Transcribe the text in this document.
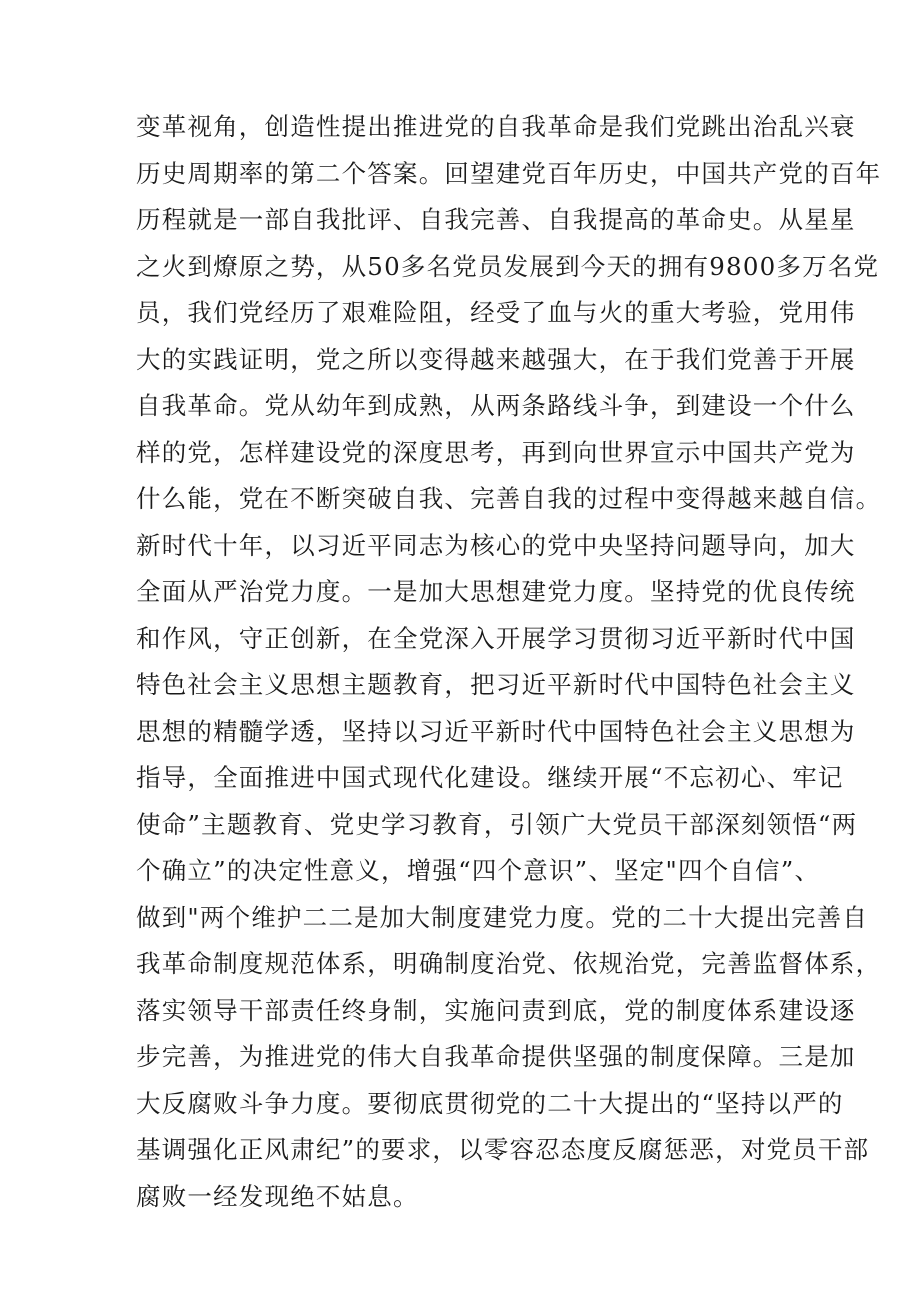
变革视角，创造性提出推进党的自我革命是我们党跳出治乱兴衰
历史周期率的第二个答案。回望建党百年历史，中国共产党的百年
历程就是一部自我批评、自我完善、自我提高的革命史。从星星
之火到燎原之势，从50多名党员发展到今天的拥有9800多万名党
员，我们党经历了艰难险阻，经受了血与火的重大考验，党用伟
大的实践证明，党之所以变得越来越强大，在于我们党善于开展
自我革命。党从幼年到成熟，从两条路线斗争，到建设一个什么
样的党，怎样建设党的深度思考，再到向世界宣示中国共产党为
什么能，党在不断突破自我、完善自我的过程中变得越来越自信。
新时代十年，以习近平同志为核心的党中央坚持问题导向，加大
全面从严治党力度。一是加大思想建党力度。坚持党的优良传统
和作风，守正创新，在全党深入开展学习贯彻习近平新时代中国
特色社会主义思想主题教育，把习近平新时代中国特色社会主义
思想的精髓学透，坚持以习近平新时代中国特色社会主义思想为
指导，全面推进中国式现代化建设。继续开展“不忘初心、牢记
使命”主题教育、党史学习教育，引领广大党员干部深刻领悟“两
个确立”的决定性意义，增强“四个意识”、坚定"四个自信”、
做到"两个维护二二是加大制度建党力度。党的二十大提出完善自
我革命制度规范体系，明确制度治党、依规治党，完善监督体系，
落实领导干部责任终身制，实施问责到底，党的制度体系建设逐
步完善，为推进党的伟大自我革命提供坚强的制度保障。三是加
大反腐败斗争力度。要彻底贯彻党的二十大提出的“坚持以严的
基调强化正风肃纪”的要求，以零容忍态度反腐惩恶，对党员干部
腐败一经发现绝不姑息。
